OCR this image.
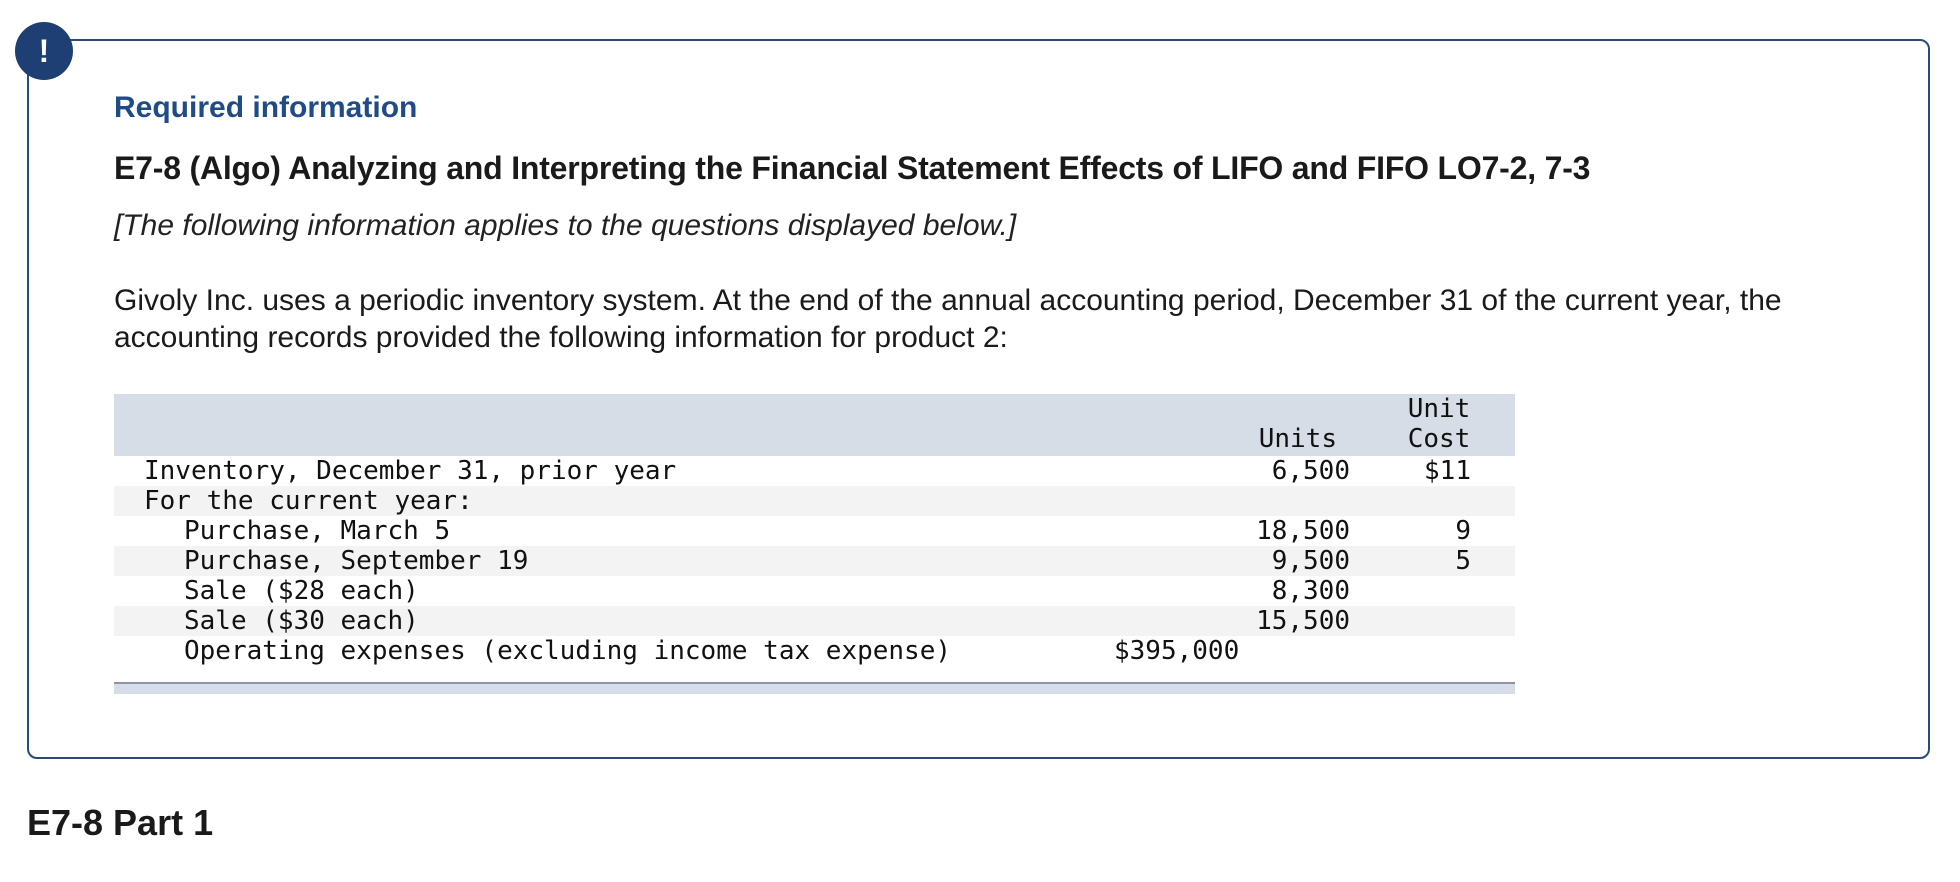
!
Required information
E7-8 (Algo) Analyzing and Interpreting the Financial Statement Effects of LIFO and FIFO LO7-2, 7-3

[The following information applies to the questions displayed below.]

Givoly Inc. uses a periodic inventory system. At the end of the annual accounting period, December 31 of the current year, the accounting records provided the following information for product 2:

		Units	Unit
Cost

Inventory, December 31, prior year		6,500	$11
For the current year:			
Purchase, March 5		18,500	9
Purchase, September 19		9,500	5
Sale ($28 each)		8,300	
Sale ($30 each)		15,500	
Operating expenses (excluding income tax expense)	$395,000		
E7-8 Part 1
